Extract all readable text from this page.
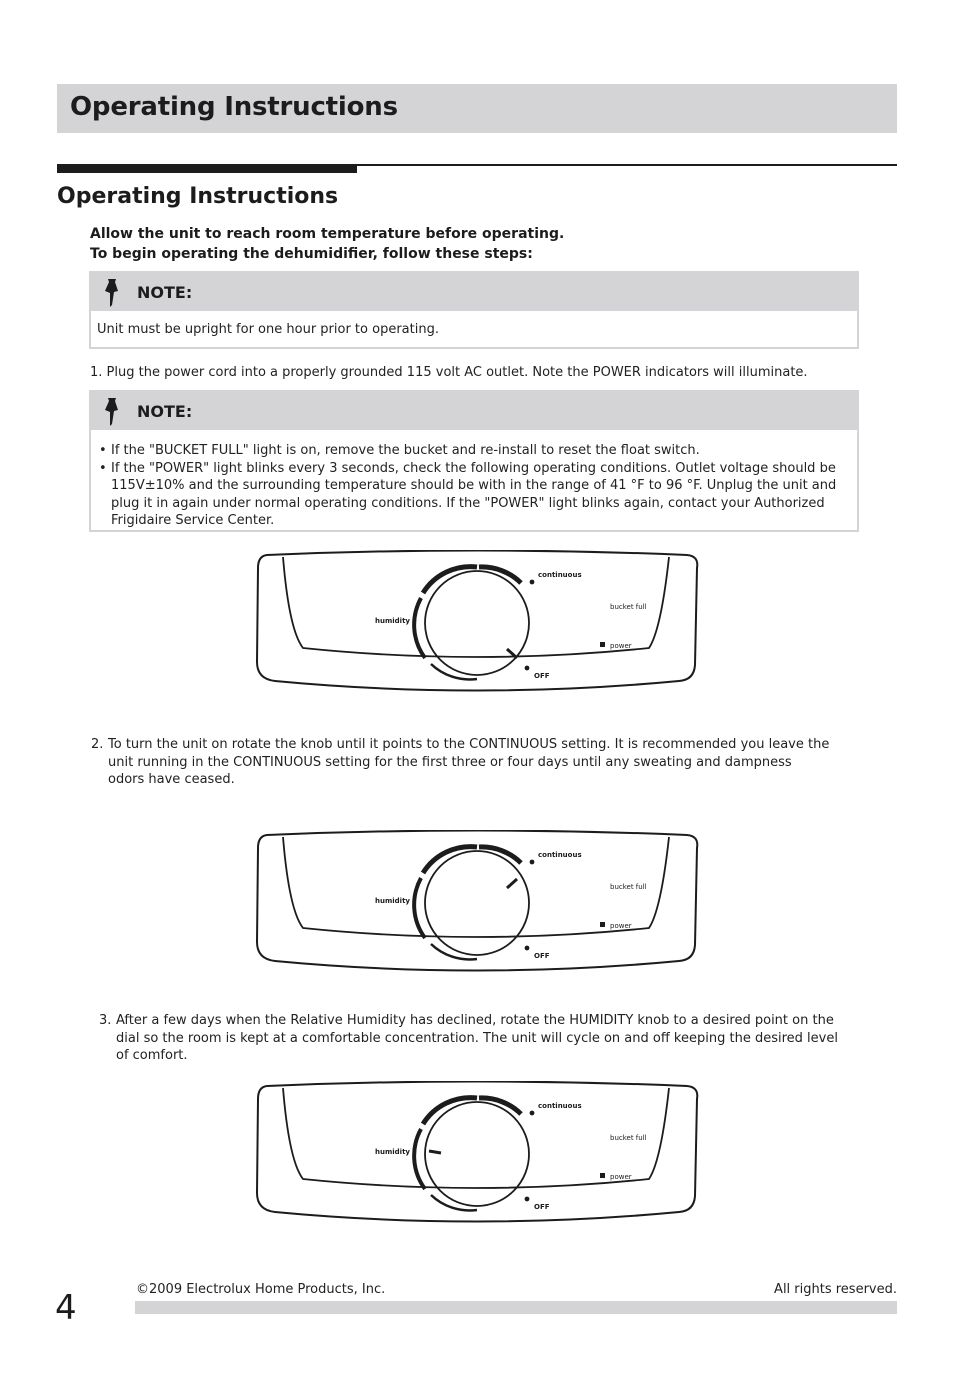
Operating Instructions
Operating Instructions
Allow the unit to reach room temperature before operating.
To begin operating the dehumidifier, follow these steps:
NOTE:
Unit must be upright for one hour prior to operating.
1. Plug the power cord into a properly grounded 115 volt AC outlet. Note the POWER indicators will illuminate.
NOTE:
• If the "BUCKET FULL" light is on, remove the bucket and re-install to reset the float switch.
• If the "POWER" light blinks every 3 seconds, check the following operating conditions. Outlet voltage should be 115V±10% and the surrounding temperature should be with in the range of 41 °F to 96 °F. Unplug the unit and plug it in again under normal operating conditions. If the "POWER" light blinks again, contact your Authorized Frigidaire Service Center.
continuous
bucket full
humidity
power
OFF
2. To turn the unit on rotate the knob until it points to the CONTINUOUS setting. It is recommended you leave the unit running in the CONTINUOUS setting for the first three or four days until any sweating and dampness odors have ceased.
continuous
bucket full
humidity
power
OFF
3. After a few days when the Relative Humidity has declined, rotate the HUMIDITY knob to a desired point on the dial so the room is kept at a comfortable concentration. The unit will cycle on and off keeping the desired level of comfort.
continuous
bucket full
humidity
power
OFF
4	©2009 Electrolux Home Products, Inc.	All rights reserved.
